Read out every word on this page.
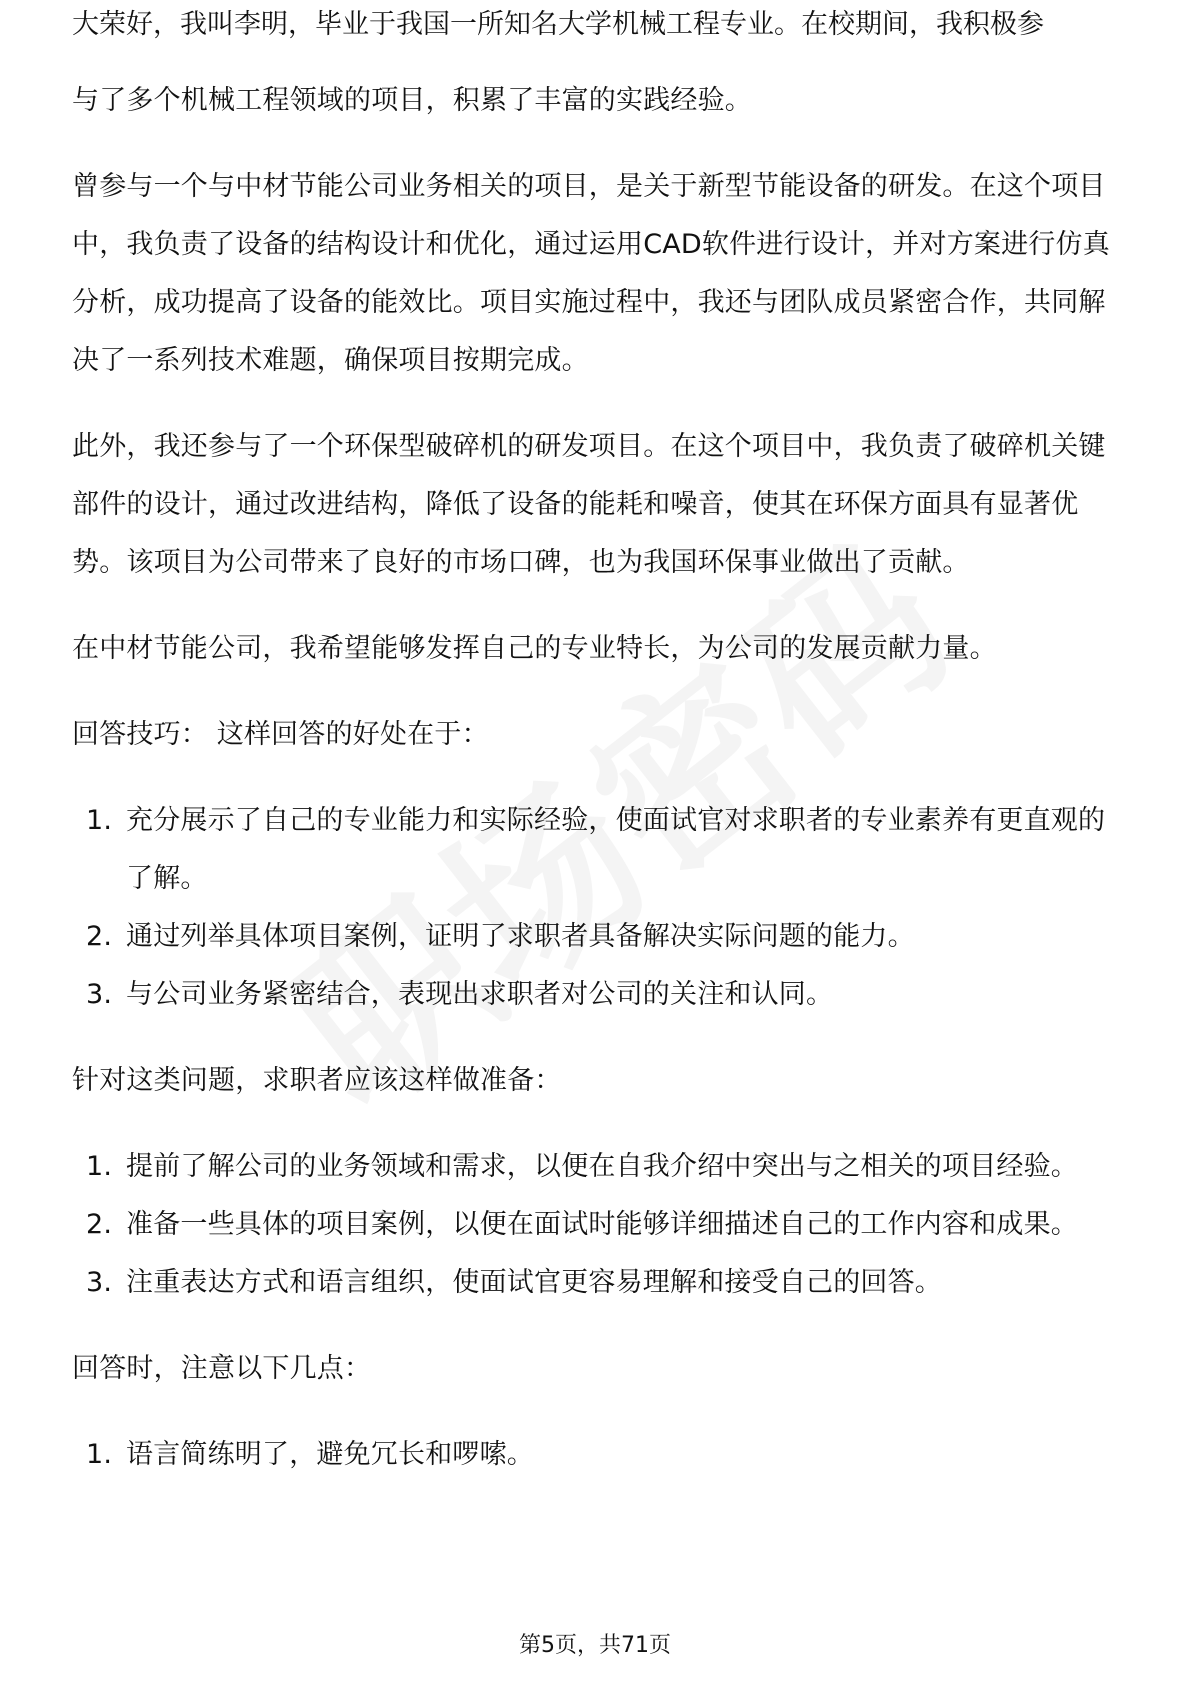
大荣好，我叫李明，毕业于我国一所知名大学机械工程专业。在校期间，我积极参

与了多个机械工程领域的项目，积累了丰富的实践经验。

曾参与一个与中材节能公司业务相关的项目，是关于新型节能设备的研发。在这个项目中，我负责了设备的结构设计和优化，通过运用CAD软件进行设计，并对方案进行仿真分析，成功提高了设备的能效比。项目实施过程中，我还与团队成员紧密合作，共同解决了一系列技术难题，确保项目按期完成。

此外，我还参与了一个环保型破碎机的研发项目。在这个项目中，我负责了破碎机关键部件的设计，通过改进结构，降低了设备的能耗和噪音，使其在环保方面具有显著优势。该项目为公司带来了良好的市场口碑，也为我国环保事业做出了贡献。

在中材节能公司，我希望能够发挥自己的专业特长，为公司的发展贡献力量。

回答技巧： 这样回答的好处在于：

1. 充分展示了自己的专业能力和实际经验，使面试官对求职者的专业素养有更直观的了解。
2. 通过列举具体项目案例，证明了求职者具备解决实际问题的能力。
3. 与公司业务紧密结合，表现出求职者对公司的关注和认同。

针对这类问题，求职者应该这样做准备：

1. 提前了解公司的业务领域和需求，以便在自我介绍中突出与之相关的项目经验。
2. 准备一些具体的项目案例，以便在面试时能够详细描述自己的工作内容和成果。
3. 注重表达方式和语言组织，使面试官更容易理解和接受自己的回答。

回答时，注意以下几点：

1. 语言简练明了，避免冗长和啰嗦。
第5页，共71页
